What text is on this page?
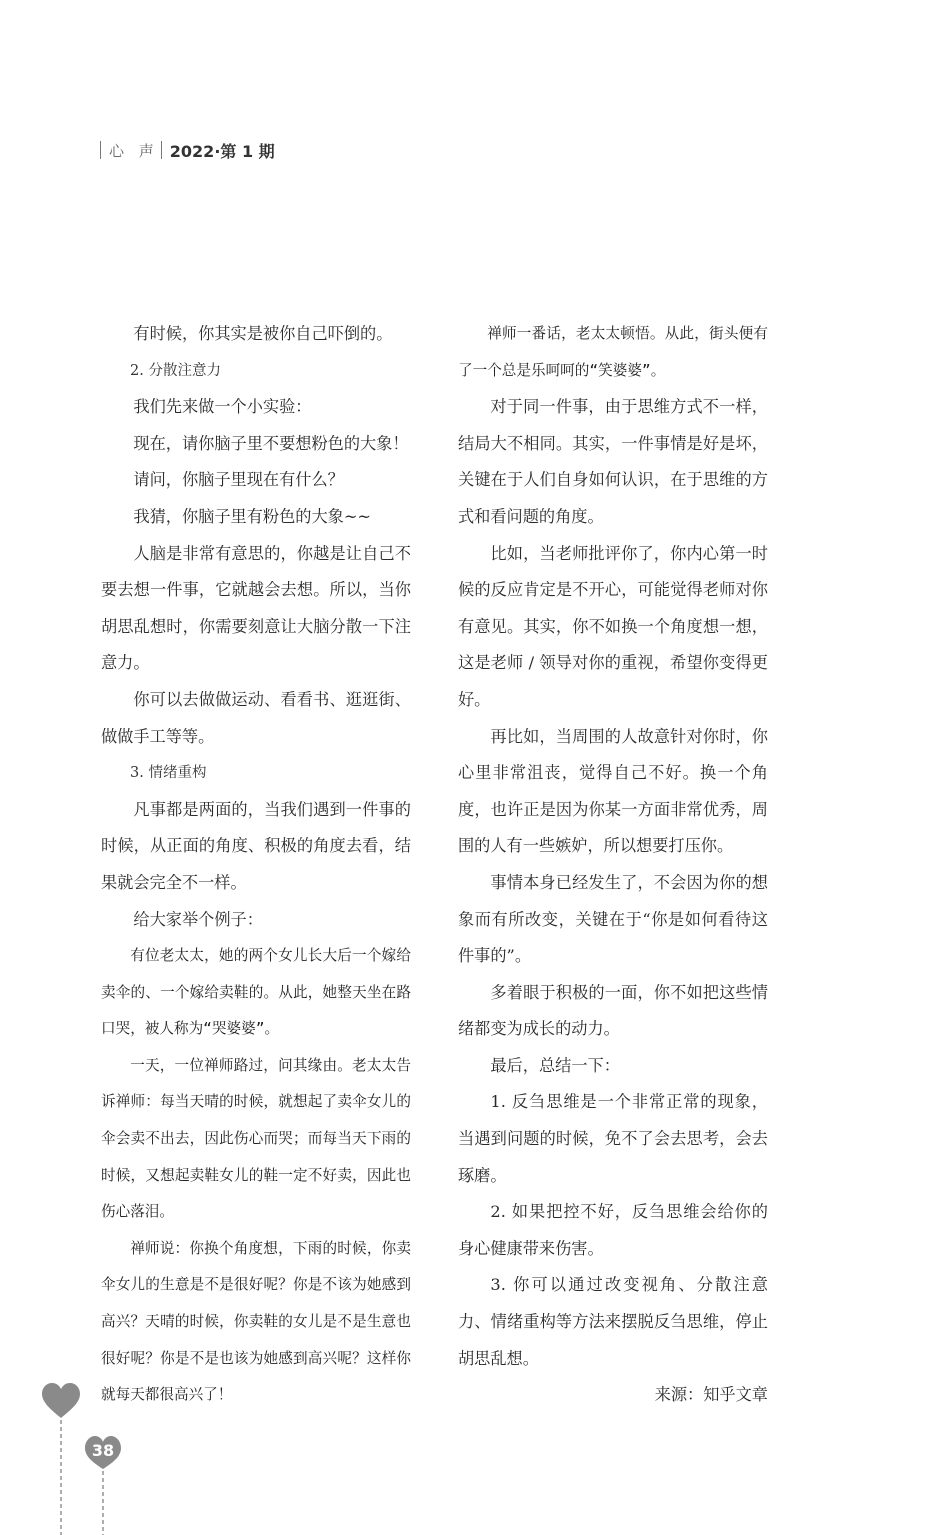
心 声 2022·第 1 期

有时候，你其实是被你自己吓倒的。

2. 分散注意力

我们先来做一个小实验：

现在，请你脑子里不要想粉色的大象！

请问，你脑子里现在有什么？

我猜，你脑子里有粉色的大象~~

人脑是非常有意思的，你越是让自己不要去想一件事，它就越会去想。所以，当你胡思乱想时，你需要刻意让大脑分散一下注意力。

你可以去做做运动、看看书、逛逛街、做做手工等等。

3. 情绪重构

凡事都是两面的，当我们遇到一件事的时候，从正面的角度、积极的角度去看，结果就会完全不一样。

给大家举个例子：

有位老太太，她的两个女儿长大后一个嫁给卖伞的、一个嫁给卖鞋的。从此，她整天坐在路口哭，被人称为“哭婆婆”。

一天，一位禅师路过，问其缘由。老太太告诉禅师：每当天晴的时候，就想起了卖伞女儿的伞会卖不出去，因此伤心而哭；而每当天下雨的时候，又想起卖鞋女儿的鞋一定不好卖，因此也伤心落泪。

禅师说：你换个角度想，下雨的时候，你卖伞女儿的生意是不是很好呢？你是不该为她感到高兴？天晴的时候，你卖鞋的女儿是不是生意也很好呢？你是不是也该为她感到高兴呢？这样你就每天都很高兴了！

禅师一番话，老太太顿悟。从此，街头便有了一个总是乐呵呵的“笑婆婆”。

对于同一件事，由于思维方式不一样，结局大不相同。其实，一件事情是好是坏，关键在于人们自身如何认识，在于思维的方式和看问题的角度。

比如，当老师批评你了，你内心第一时候的反应肯定是不开心，可能觉得老师对你有意见。其实，你不如换一个角度想一想，这是老师 / 领导对你的重视，希望你变得更好。

再比如，当周围的人故意针对你时，你心里非常沮丧，觉得自己不好。换一个角度，也许正是因为你某一方面非常优秀，周围的人有一些嫉妒，所以想要打压你。

事情本身已经发生了，不会因为你的想象而有所改变，关键在于“你是如何看待这件事的”。

多着眼于积极的一面，你不如把这些情绪都变为成长的动力。

最后，总结一下：

1. 反刍思维是一个非常正常的现象，当遇到问题的时候，免不了会去思考，会去琢磨。

2. 如果把控不好，反刍思维会给你的身心健康带来伤害。

3. 你可以通过改变视角、分散注意力、情绪重构等方法来摆脱反刍思维，停止胡思乱想。

来源：知乎文章

38
